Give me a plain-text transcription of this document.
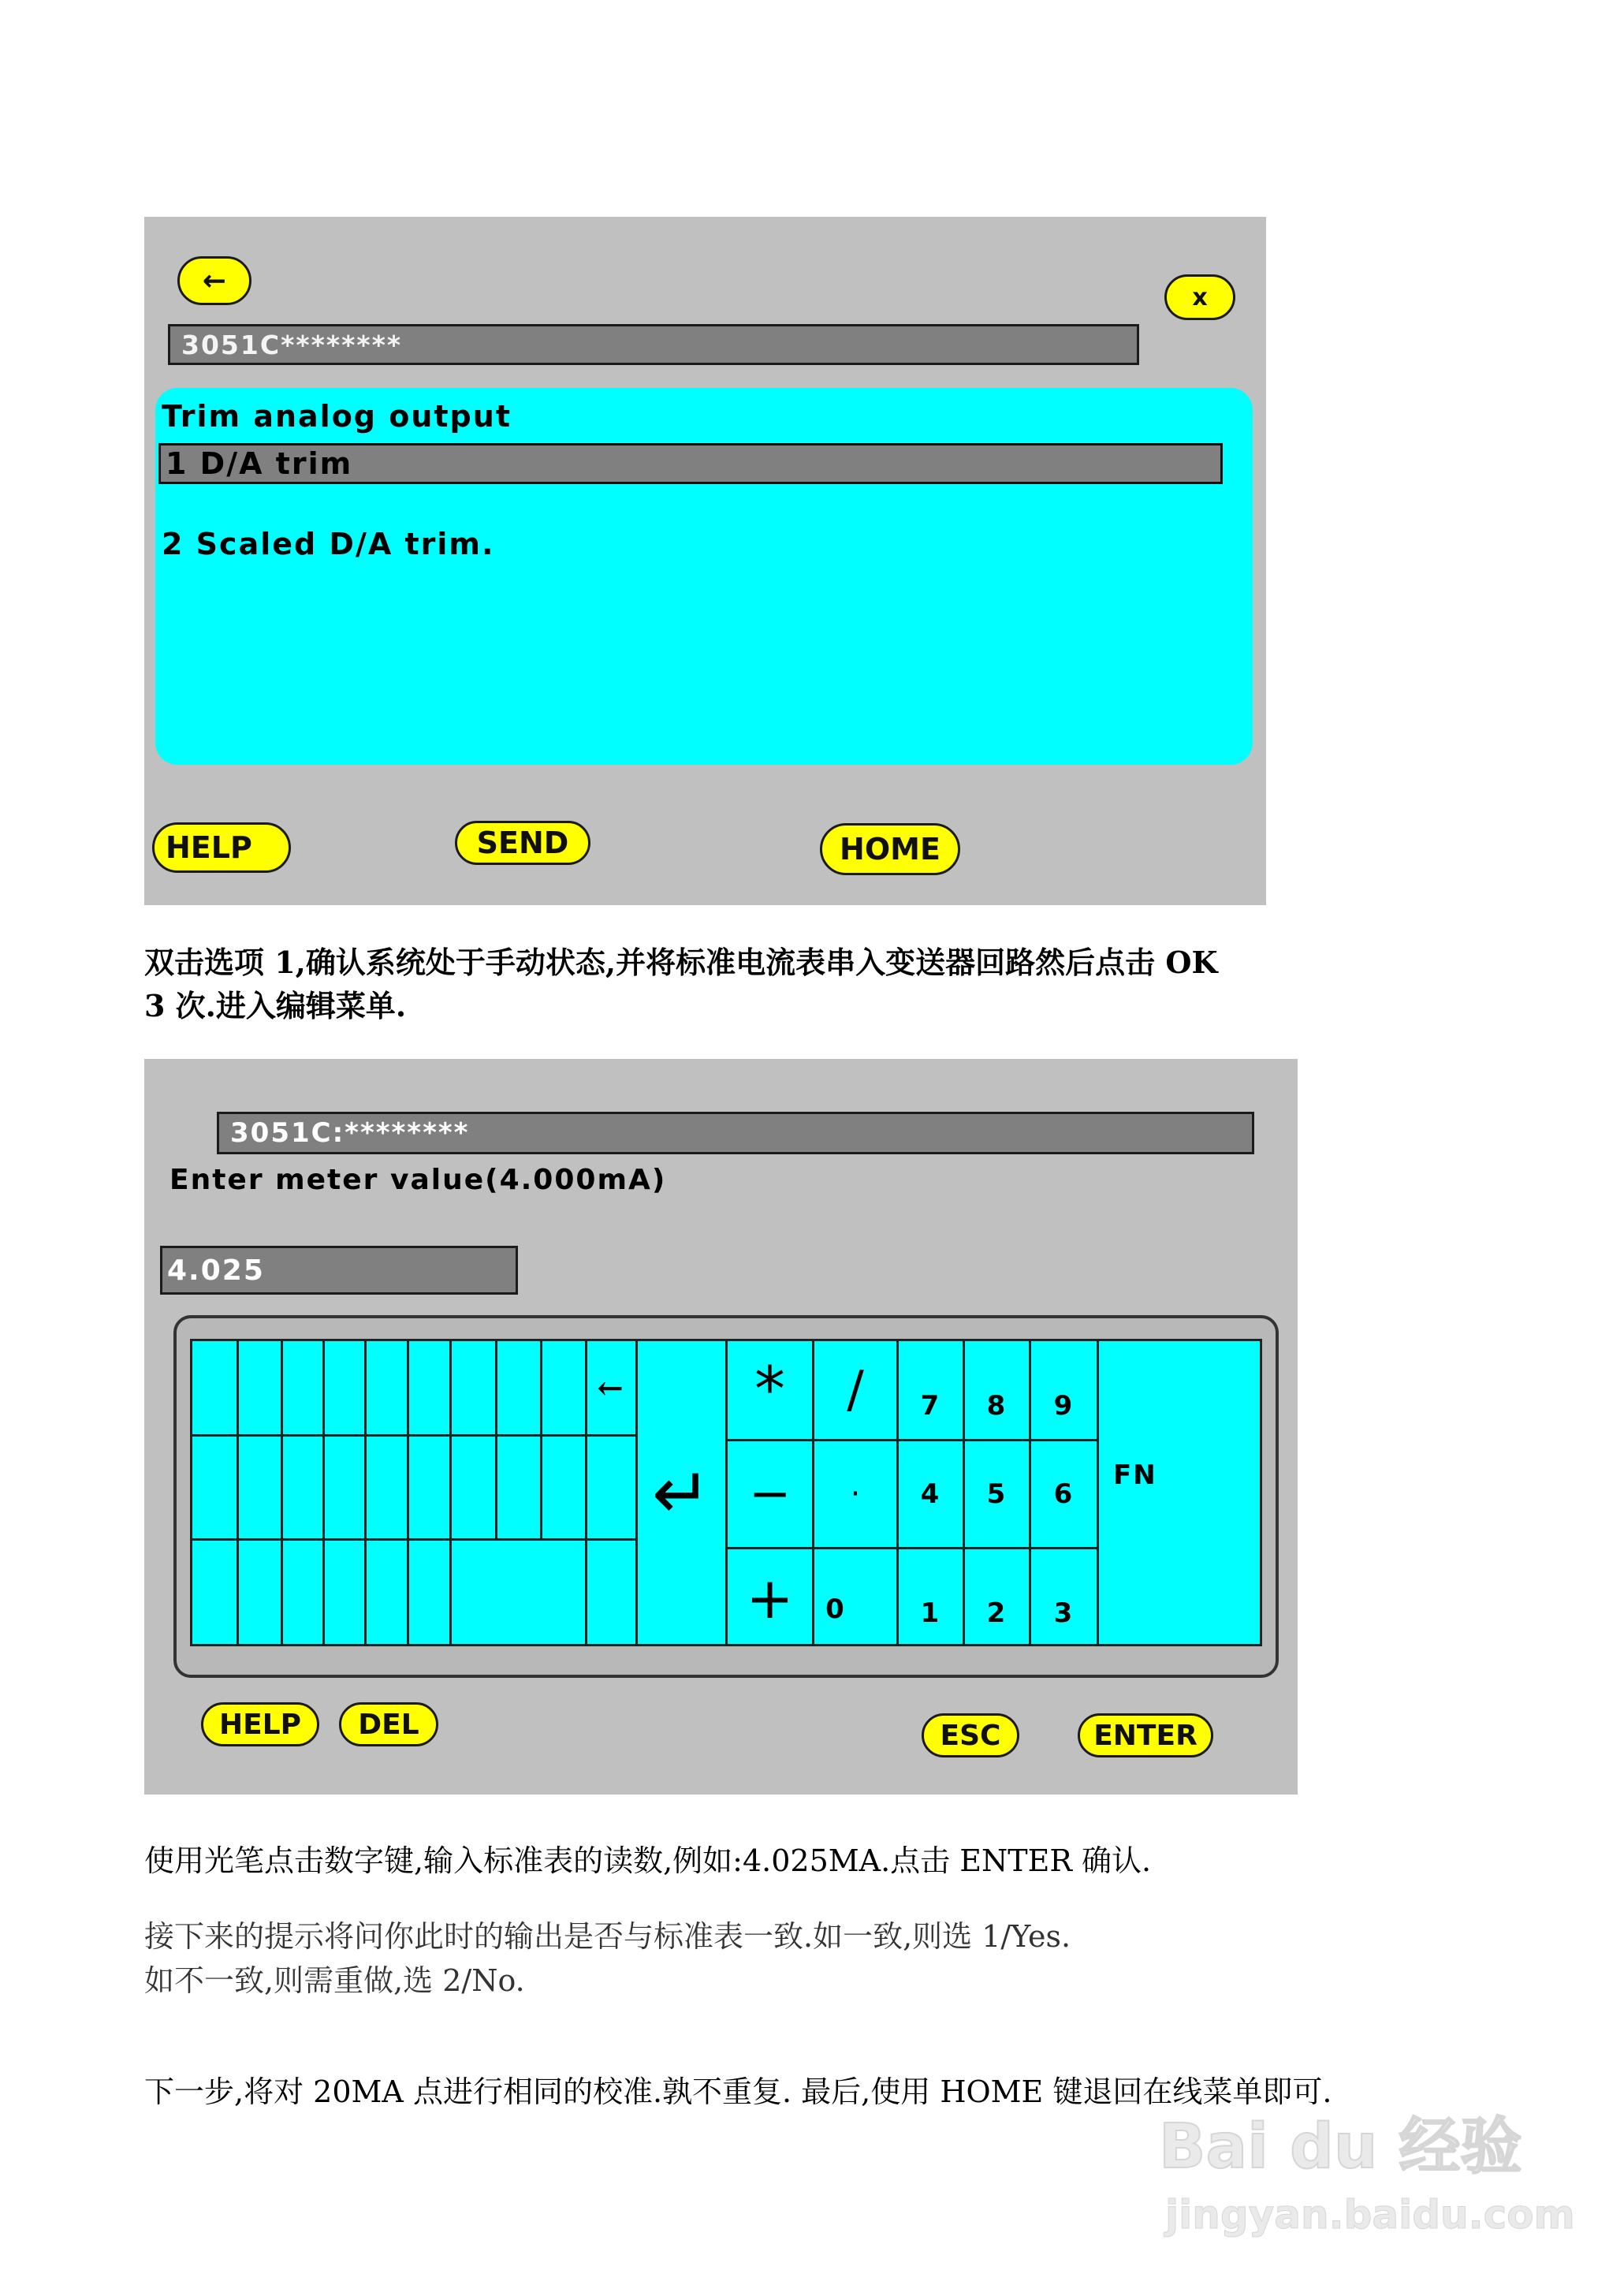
←
x
3051C********
Trim analog output
1 D/A trim
2 Scaled D/A trim.
HELP	SEND	HOME
双击选项 1,确认系统处于手动状态,并将标准电流表串入变送器回路然后点击 OK
3 次.进入编辑菜单.
3051C:********
Enter meter value(4.000mA)
4.025
←
↵
* /
− ·
+
7 8 9
4 5 6
0	1 2 3
FN
HELP DEL	ESC	ENTER
使用光笔点击数字键,输入标准表的读数,例如:4.025MA.点击 ENTER 确认.
接下来的提示将问你此时的输出是否与标准表一致.如一致,则选 1/Yes.
如不一致,则需重做,选 2/No.
下一步,将对 20MA 点进行相同的校准.孰不重复. 最后,使用 HOME 键退回在线菜单即可.
Bai du 经验
jingyan.baidu.com
